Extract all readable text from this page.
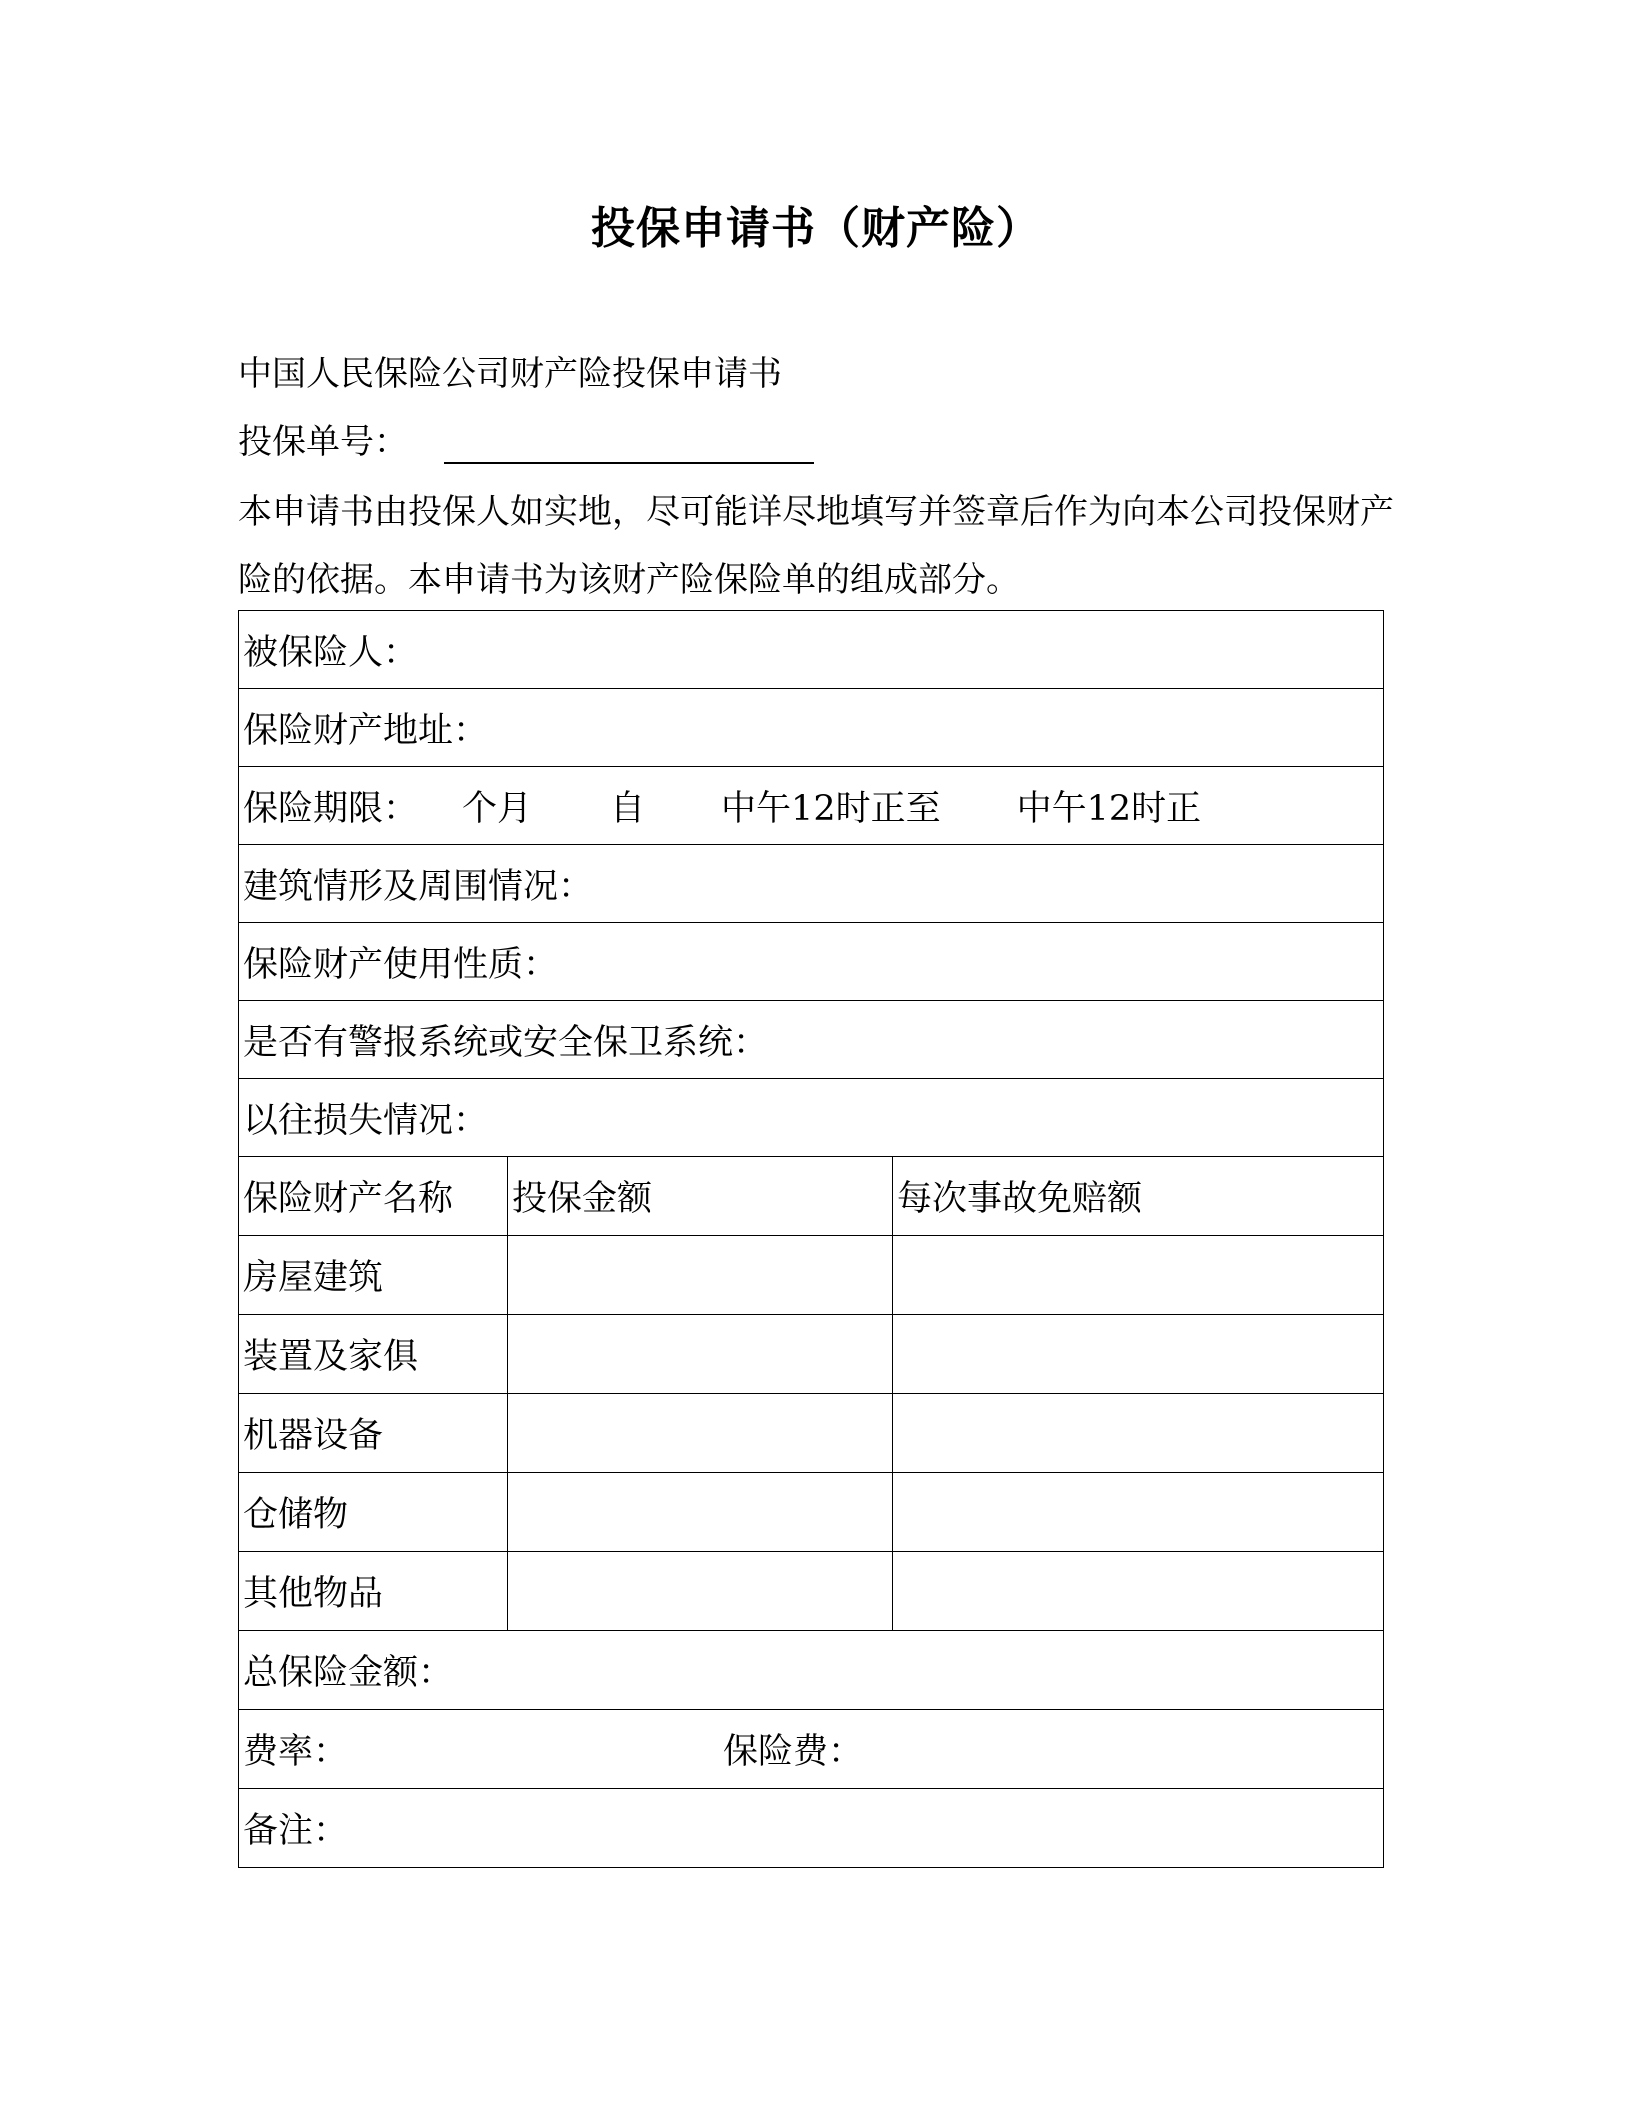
投保申请书（财产险）

中国人民保险公司财产险投保申请书

投保单号：

本申请书由投保人如实地，尽可能详尽地填写并签章后作为向本公司投保财产险的依据。本申请书为该财产险保险单的组成部分。

被保险人：		
保险财产地址：		
保险期限： 个月 自 中午12时正至 中午12时正		
建筑情形及周围情况：		
保险财产使用性质：		
是否有警报系统或安全保卫系统：		
以往损失情况：		
保险财产名称	投保金额	每次事故免赔额
房屋建筑		
装置及家俱		
机器设备		
仓储物		
其他物品		
总保险金额：		
费率： 保险费：		
备注：		
